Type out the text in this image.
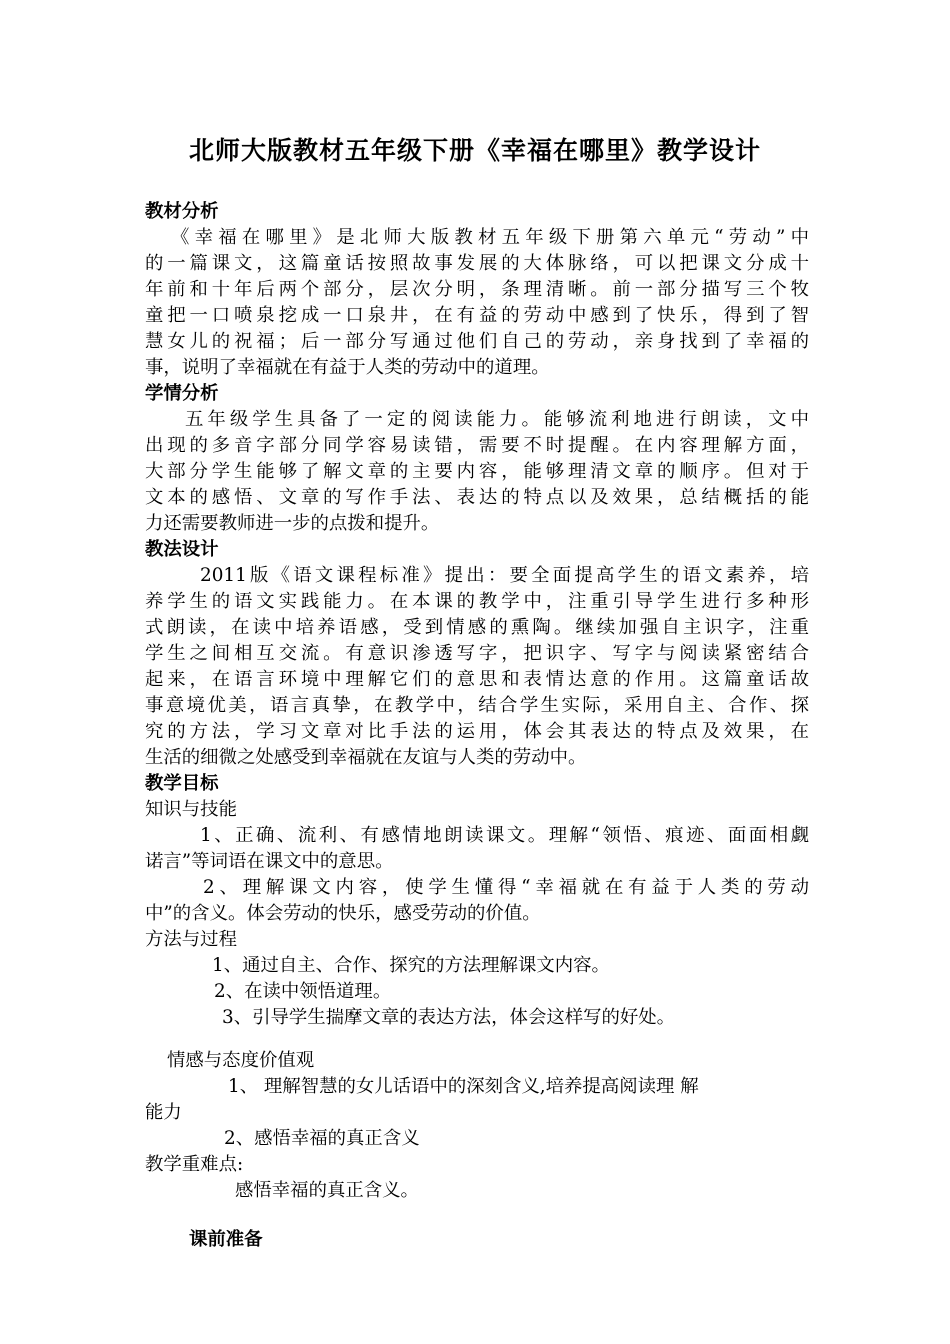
北师大版教材五年级下册《幸福在哪里》教学设计
教材分析
《幸福在哪里》是北师大版教材五年级下册第六单元“劳动”中
的一篇课文，这篇童话按照故事发展的大体脉络，可以把课文分成十
年前和十年后两个部分，层次分明，条理清晰。前一部分描写三个牧
童把一口喷泉挖成一口泉井，在有益的劳动中感到了快乐，得到了智
慧女儿的祝福；后一部分写通过他们自己的劳动，亲身找到了幸福的
事，说明了幸福就在有益于人类的劳动中的道理。
学情分析
五年级学生具备了一定的阅读能力。能够流利地进行朗读，文中
出现的多音字部分同学容易读错，需要不时提醒。在内容理解方面，
大部分学生能够了解文章的主要内容，能够理清文章的顺序。但对于
文本的感悟、文章的写作手法、表达的特点以及效果，总结概括的能
力还需要教师进一步的点拨和提升。
教法设计
2011版《语文课程标准》提出：要全面提高学生的语文素养，培
养学生的语文实践能力。在本课的教学中，注重引导学生进行多种形
式朗读，在读中培养语感，受到情感的熏陶。继续加强自主识字，注重
学生之间相互交流。有意识渗透写字，把识字、写字与阅读紧密结合
起来，在语言环境中理解它们的意思和表情达意的作用。这篇童话故
事意境优美，语言真挚，在教学中，结合学生实际，采用自主、合作、探
究的方法，学习文章对比手法的运用，体会其表达的特点及效果，在
生活的细微之处感受到幸福就在友谊与人类的劳动中。
教学目标
知识与技能
1、正确、流利、有感情地朗读课文。理解“领悟、痕迹、面面相觑
诺言”等词语在课文中的意思。
2、理解课文内容，使学生懂得“幸福就在有益于人类的劳动
中”的含义。体会劳动的快乐，感受劳动的价值。
方法与过程
1、通过自主、合作、探究的方法理解课文内容。
2、在读中领悟道理。
3、引导学生揣摩文章的表达方法，体会这样写的好处。
情感与态度价值观
1、 理解智慧的女儿话语中的深刻含义,培养提高阅读理 解
能力
2、感悟幸福的真正含义
教学重难点:
感悟幸福的真正含义。
课前准备
